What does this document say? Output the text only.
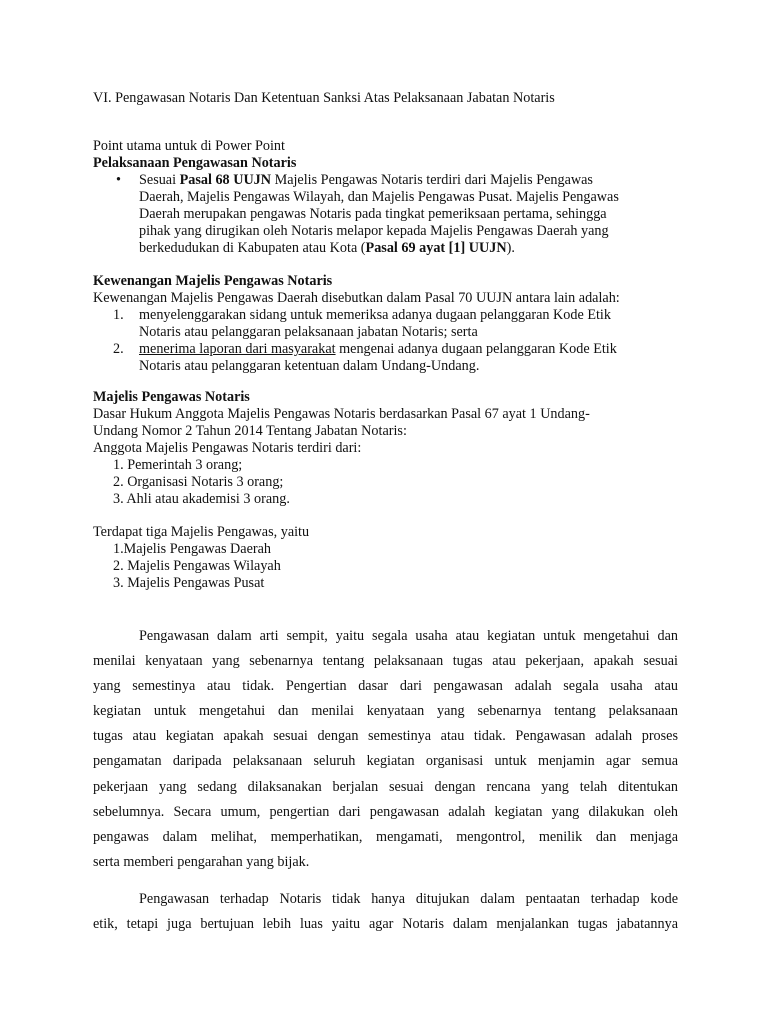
VI. Pengawasan Notaris Dan Ketentuan Sanksi Atas Pelaksanaan Jabatan Notaris
Point utama untuk di Power Point
Pelaksanaan Pengawasan Notaris
•	Sesuai Pasal 68 UUJN Majelis Pengawas Notaris terdiri dari Majelis Pengawas
Daerah, Majelis Pengawas Wilayah, dan Majelis Pengawas Pusat. Majelis Pengawas
Daerah merupakan pengawas Notaris pada tingkat pemeriksaan pertama, sehingga
pihak yang dirugikan oleh Notaris melapor kepada Majelis Pengawas Daerah yang
berkedudukan di Kabupaten atau Kota (Pasal 69 ayat [1] UUJN).
Kewenangan Majelis Pengawas Notaris
Kewenangan Majelis Pengawas Daerah disebutkan dalam Pasal 70 UUJN antara lain adalah:
1. menyelenggarakan sidang untuk memeriksa adanya dugaan pelanggaran Kode Etik
Notaris atau pelanggaran pelaksanaan jabatan Notaris; serta
2. menerima laporan dari masyarakat mengenai adanya dugaan pelanggaran Kode Etik
Notaris atau pelanggaran ketentuan dalam Undang-Undang.
Majelis Pengawas Notaris
Dasar Hukum Anggota Majelis Pengawas Notaris berdasarkan Pasal 67 ayat 1 Undang-
Undang Nomor 2 Tahun 2014 Tentang Jabatan Notaris:
Anggota Majelis Pengawas Notaris terdiri dari:
1. Pemerintah 3 orang;
2. Organisasi Notaris 3 orang;
3. Ahli atau akademisi 3 orang.
Terdapat tiga Majelis Pengawas, yaitu
1.Majelis Pengawas Daerah
2. Majelis Pengawas Wilayah
3. Majelis Pengawas Pusat
Pengawasan dalam arti sempit, yaitu segala usaha atau kegiatan untuk mengetahui dan
menilai kenyataan yang sebenarnya tentang pelaksanaan tugas atau pekerjaan, apakah sesuai
yang semestinya atau tidak. Pengertian dasar dari pengawasan adalah segala usaha atau
kegiatan untuk mengetahui dan menilai kenyataan yang sebenarnya tentang pelaksanaan
tugas atau kegiatan apakah sesuai dengan semestinya atau tidak. Pengawasan adalah proses
pengamatan daripada pelaksanaan seluruh kegiatan organisasi untuk menjamin agar semua
pekerjaan yang sedang dilaksanakan berjalan sesuai dengan rencana yang telah ditentukan
sebelumnya. Secara umum, pengertian dari pengawasan adalah kegiatan yang dilakukan oleh
pengawas dalam melihat, memperhatikan, mengamati, mengontrol, menilik dan menjaga
serta memberi pengarahan yang bijak.
Pengawasan terhadap Notaris tidak hanya ditujukan dalam pentaatan terhadap kode
etik, tetapi juga bertujuan lebih luas yaitu agar Notaris dalam menjalankan tugas jabatannya
